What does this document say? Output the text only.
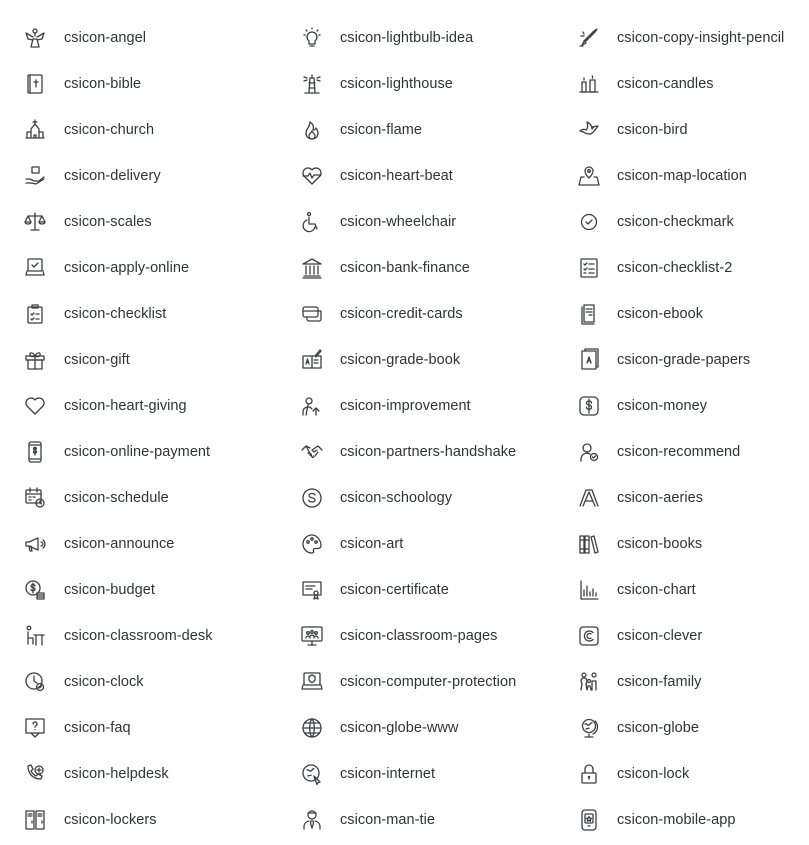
csicon-angel	csicon-lightbulb-idea	csicon-copy-insight-pencil
csicon-bible	csicon-lighthouse	csicon-candles
csicon-church	csicon-flame	csicon-bird
csicon-delivery	csicon-heart-beat	csicon-map-location
csicon-scales	csicon-wheelchair	csicon-checkmark
csicon-apply-online	csicon-bank-finance	csicon-checklist-2
csicon-checklist	csicon-credit-cards	csicon-ebook
csicon-gift	csicon-grade-book	csicon-grade-papers
csicon-heart-giving	csicon-improvement	csicon-money
csicon-online-payment	csicon-partners-handshake	csicon-recommend
csicon-schedule	csicon-schoology	csicon-aeries
csicon-announce	csicon-art	csicon-books
csicon-budget	csicon-certificate	csicon-chart
csicon-classroom-desk	csicon-classroom-pages	csicon-clever
csicon-clock	csicon-computer-protection	csicon-family
csicon-faq	csicon-globe-www	csicon-globe
csicon-helpdesk	csicon-internet	csicon-lock
csicon-lockers	csicon-man-tie	csicon-mobile-app
